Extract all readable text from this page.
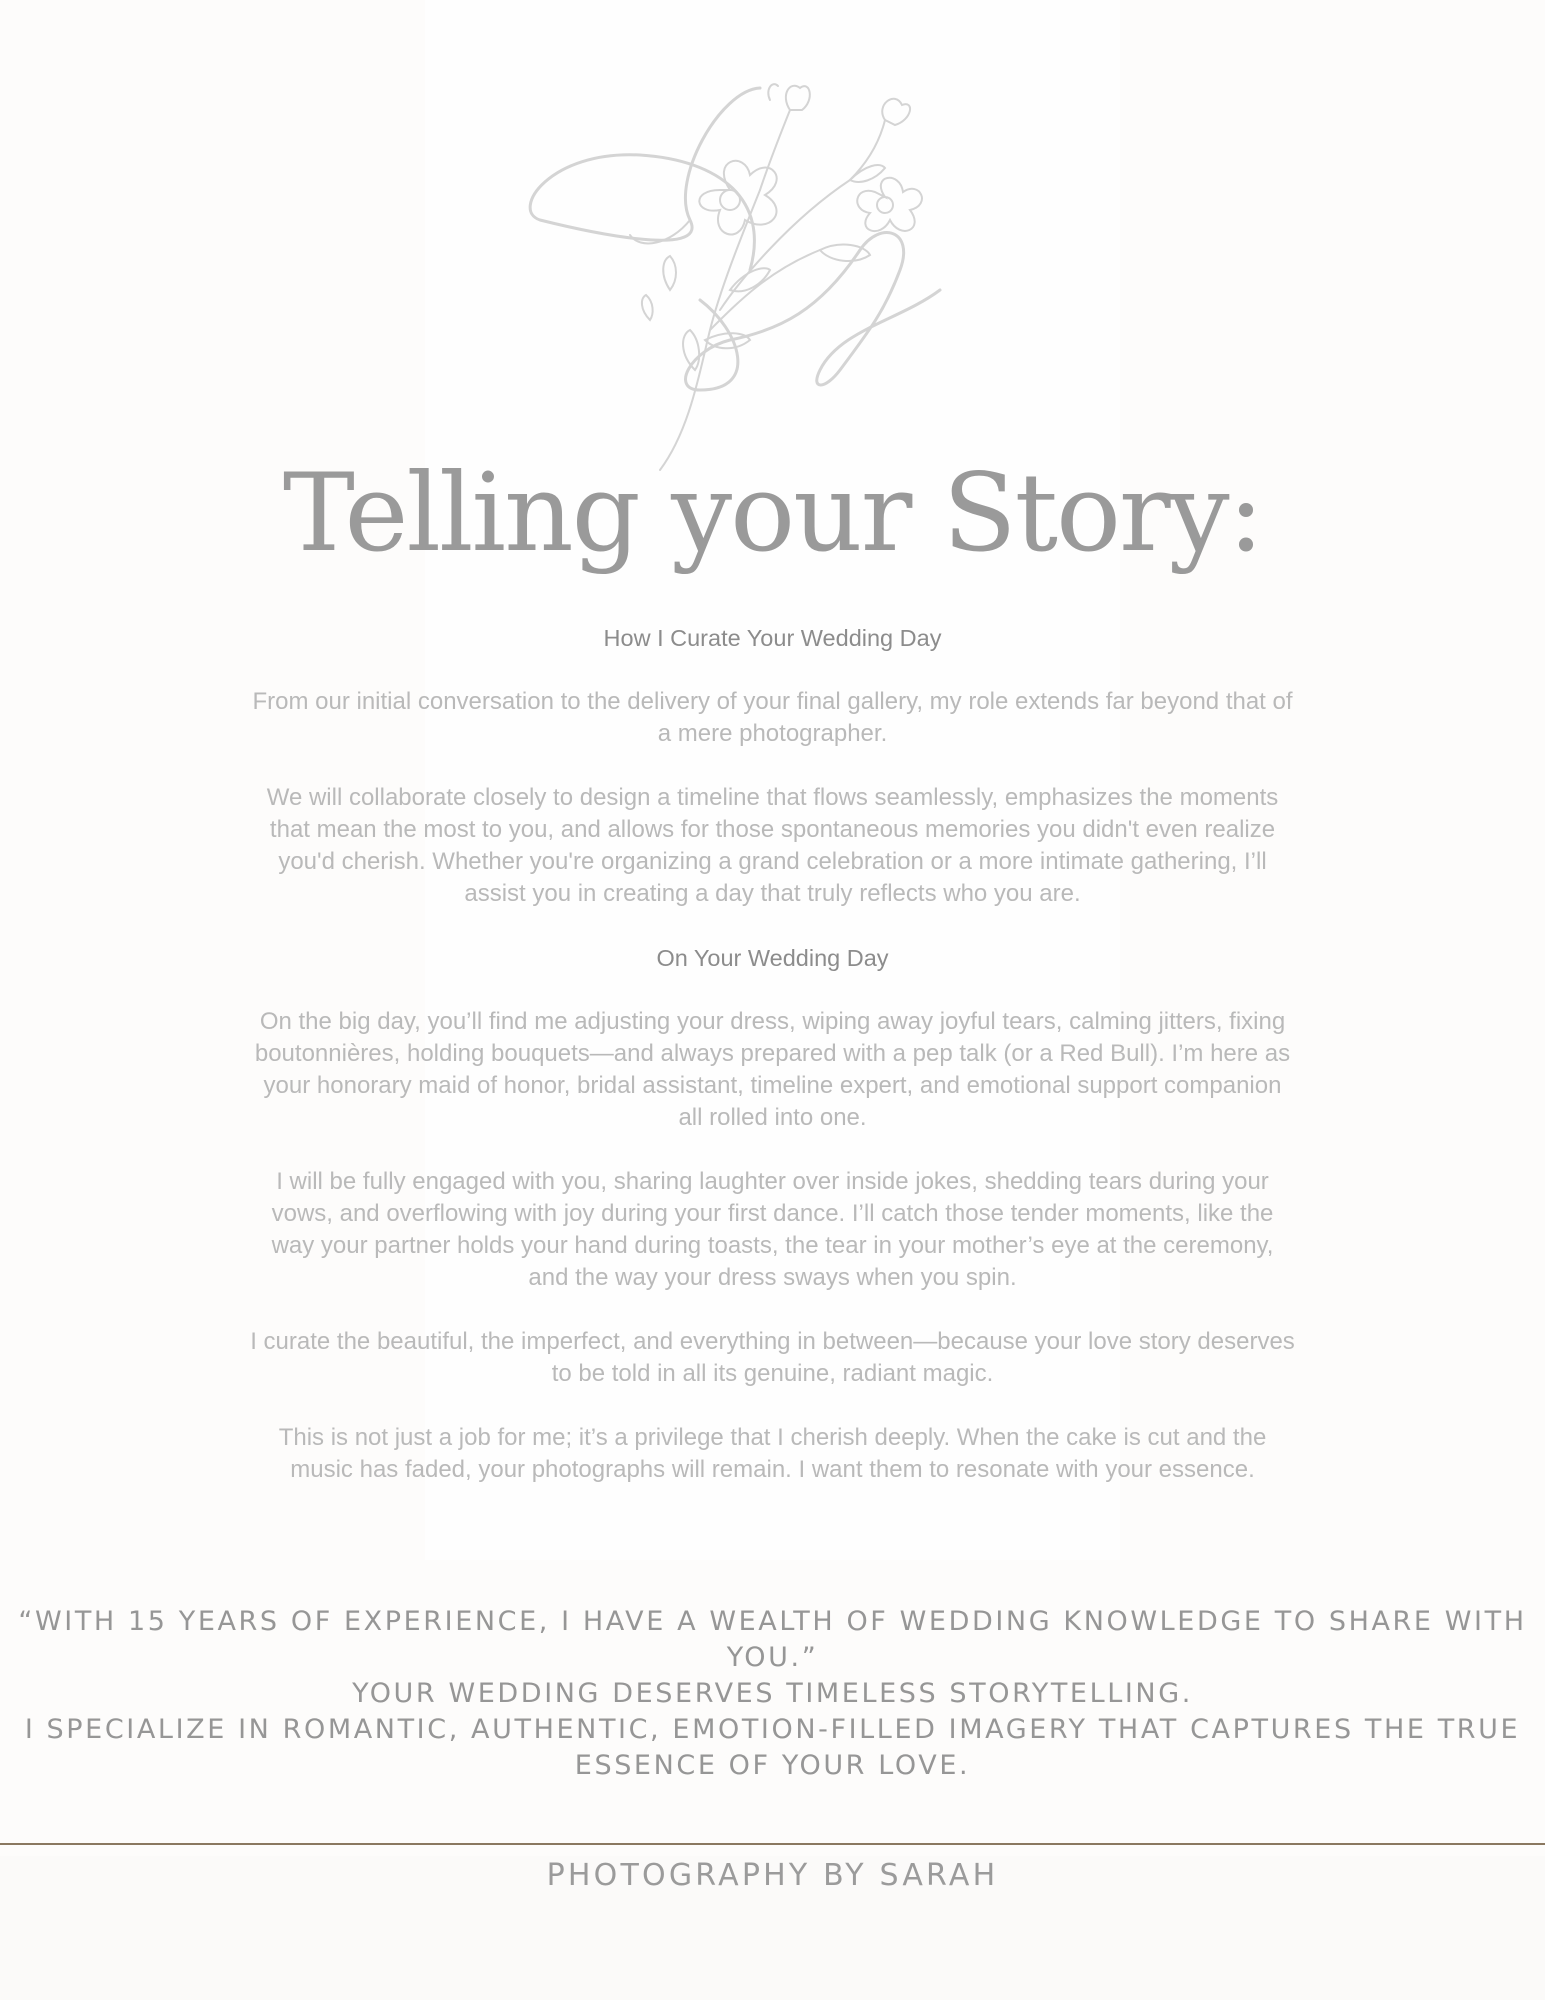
Telling your Story:
How I Curate Your Wedding Day
From our initial conversation to the delivery of your final gallery, my role extends far beyond that of a mere photographer.
We will collaborate closely to design a timeline that flows seamlessly, emphasizes the moments that mean the most to you, and allows for those spontaneous memories you didn't even realize you'd cherish. Whether you're organizing a grand celebration or a more intimate gathering, I’ll assist you in creating a day that truly reflects who you are.
On Your Wedding Day
On the big day, you’ll find me adjusting your dress, wiping away joyful tears, calming jitters, fixing boutonnières, holding bouquets—and always prepared with a pep talk (or a Red Bull). I’m here as your honorary maid of honor, bridal assistant, timeline expert, and emotional support companion all rolled into one.
I will be fully engaged with you, sharing laughter over inside jokes, shedding tears during your vows, and overflowing with joy during your first dance. I’ll catch those tender moments, like the way your partner holds your hand during toasts, the tear in your mother’s eye at the ceremony, and the way your dress sways when you spin.
I curate the beautiful, the imperfect, and everything in between—because your love story deserves to be told in all its genuine, radiant magic.
This is not just a job for me; it’s a privilege that I cherish deeply. When the cake is cut and the music has faded, your photographs will remain. I want them to resonate with your essence.
“WITH 15 YEARS OF EXPERIENCE, I HAVE A WEALTH OF WEDDING KNOWLEDGE TO SHARE WITH YOU.”
YOUR WEDDING DESERVES TIMELESS STORYTELLING.
I SPECIALIZE IN ROMANTIC, AUTHENTIC, EMOTION-FILLED IMAGERY THAT CAPTURES THE TRUE ESSENCE OF YOUR LOVE.
PHOTOGRAPHY BY SARAH
